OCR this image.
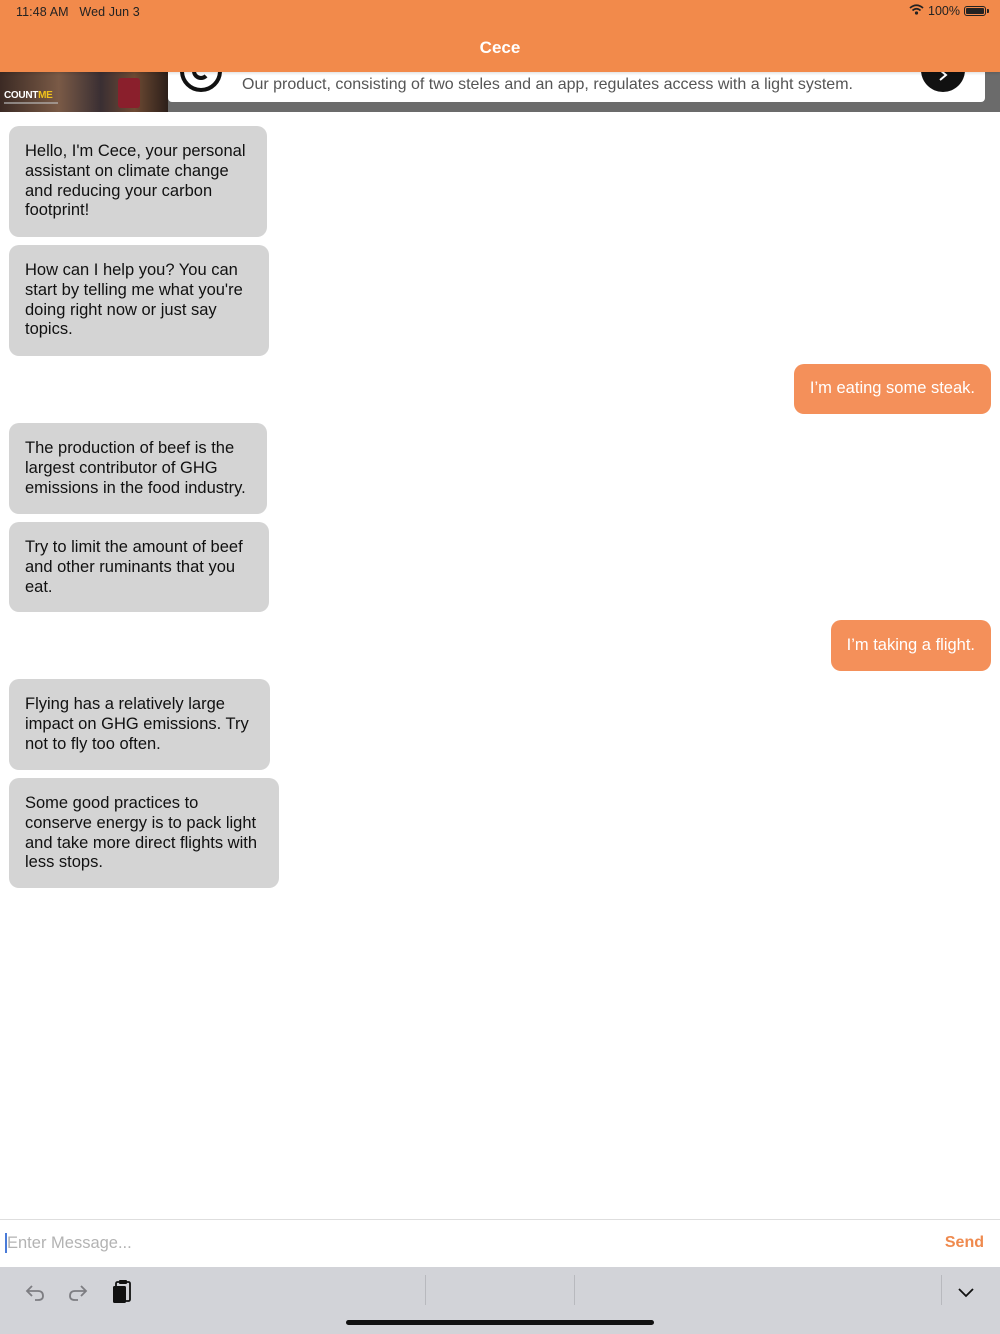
11:48 AM Wed Jun 3	100%
Cece
COUNTME
Our product, consisting of two steles and an app, regulates access with a light system.
Hello, I'm Cece, your personal assistant on climate change and reducing your carbon footprint!
How can I help you? You can start by telling me what you're doing right now or just say topics.
I’m eating some steak.
The production of beef is the largest contributor of GHG emissions in the food industry.
Try to limit the amount of beef and other ruminants that you eat.
I’m taking a flight.
Flying has a relatively large impact on GHG emissions. Try not to fly too often.
Some good practices to conserve energy is to pack light and take more direct flights with less stops.
Enter Message...
Send
